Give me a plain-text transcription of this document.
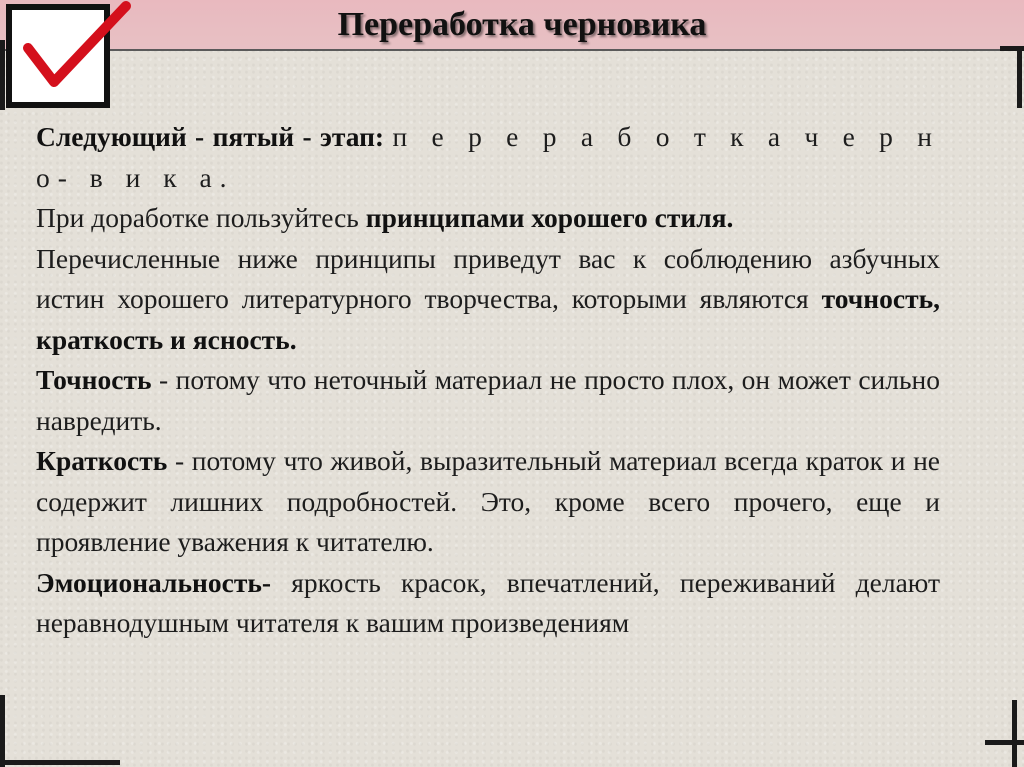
Переработка черновика

Следующий - пятый - этап: п е р е р а б о т к а ч е р н о- в и к а.

При доработке пользуйтесь принципами хорошего стиля.

Перечисленные ниже принципы приведут вас к соблюдению азбучных истин хорошего литературного творчества, которыми являются точность, краткость и ясность.

Точность - потому что неточный материал не просто плох, он может сильно навредить.

Краткость - потому что живой, выразительный материал всегда краток и не содержит лишних подробностей. Это, кроме всего прочего, еще и проявление уважения к читателю.

Эмоциональность- яркость красок, впечатлений, переживаний делают неравнодушным читателя к вашим произведениям
